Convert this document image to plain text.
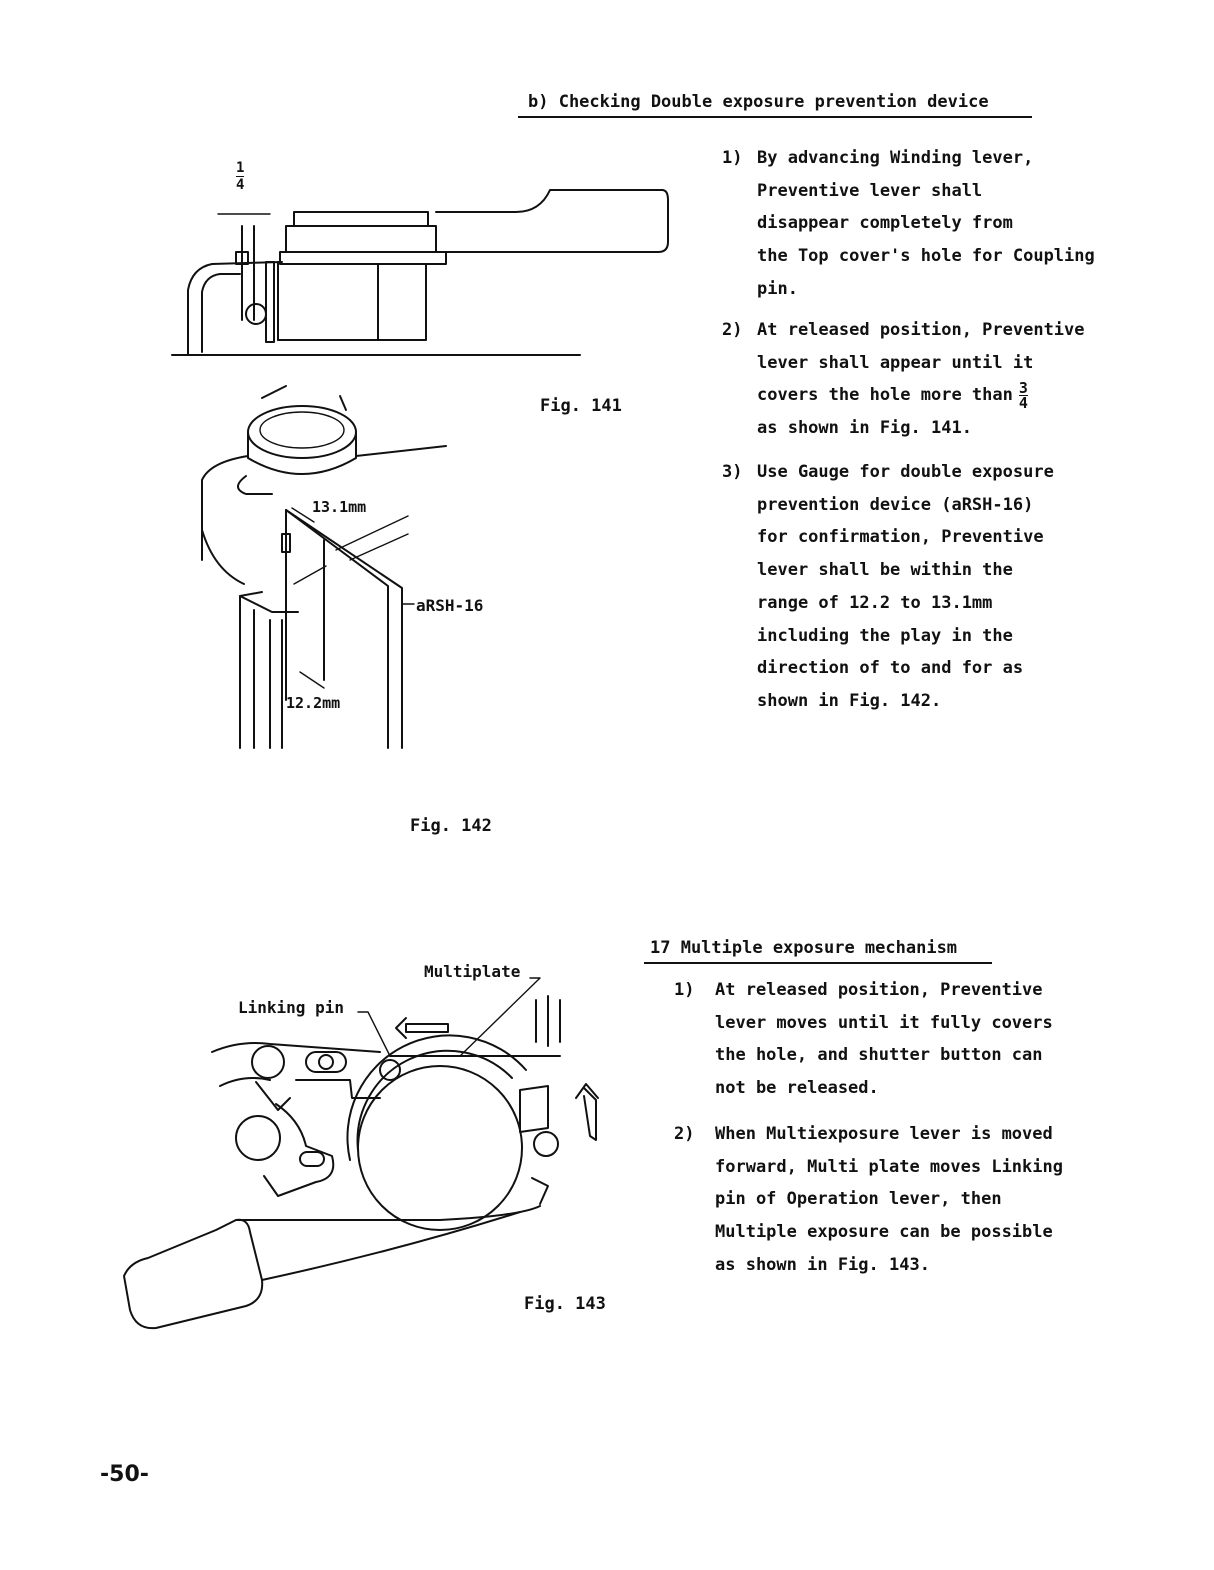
b) Checking Double exposure prevention device
1) By advancing Winding lever,
Preventive lever shall
disappear completely from
the Top cover's hole for Coupling
pin.
2) At released position, Preventive
lever shall appear until it
covers the hole more than $\frac{3}{4}$
as shown in Fig. 141.
3) Use Gauge for double exposure
prevention device (aRSH-16)
for confirmation, Preventive
lever shall be within the
range of 12.2 to 13.1mm
including the play in the
direction of to and for as
shown in Fig. 142.
$\frac{1}{4}$
Fig. 141
13.1mm
12.2mm
aRSH-16
Fig. 142
17 Multiple exposure mechanism
1) At released position, Preventive
lever moves until it fully covers
the hole, and shutter button can
not be released.
2) When Multiexposure lever is moved
forward, Multi plate moves Linking
pin of Operation lever, then
Multiple exposure can be possible
as shown in Fig. 143.
Multiplate
Linking pin
Fig. 143
-50-
